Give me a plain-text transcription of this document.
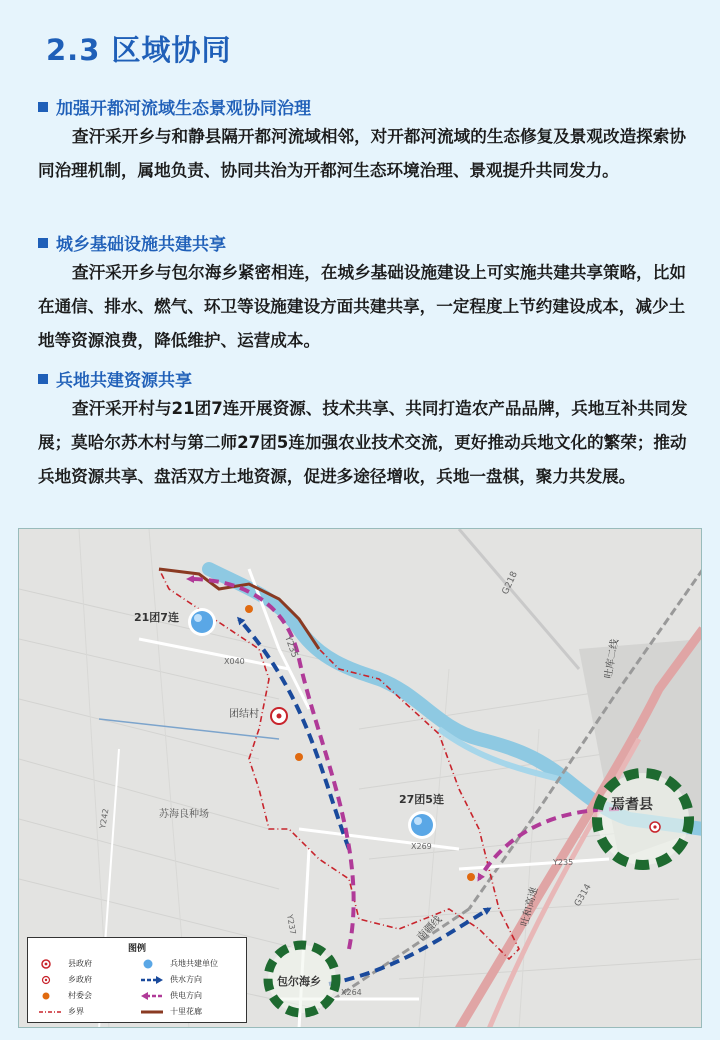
2.3 区域协同
加强开都河流域生态景观协同治理

查汗采开乡与和静县隔开都河流域相邻，对开都河流域的生态修复及景观改造探索协同治理机制，属地负责、协同共治为开都河生态环境治理、景观提升共同发力。

城乡基础设施共建共享

查汗采开乡与包尔海乡紧密相连，在城乡基础设施建设上可实施共建共享策略，比如在通信、排水、燃气、环卫等设施建设方面共建共享，一定程度上节约建设成本，减少土地等资源浪费，降低维护、运营成本。

兵地共建资源共享

查汗采开村与21团7连开展资源、技术共享、共同打造农产品品牌，兵地互补共同发展；莫哈尔苏木村与第二师27团5连加强农业技术交流，更好推动兵地文化的繁荣；推动兵地资源共享、盘活双方土地资源，促进多途径增收，兵地一盘棋，聚力共发展。

21团7连
27团5连
团结村
苏海良种场
焉耆县
包尔海乡
G218
Y235
X040
Y242
X269
Y235
Y237
G314
X264
吐库二线
南疆线
吐和高速
图例
县政府	兵地共建单位
乡政府	供水方向
村委会	供电方向
乡界	十里花廊
